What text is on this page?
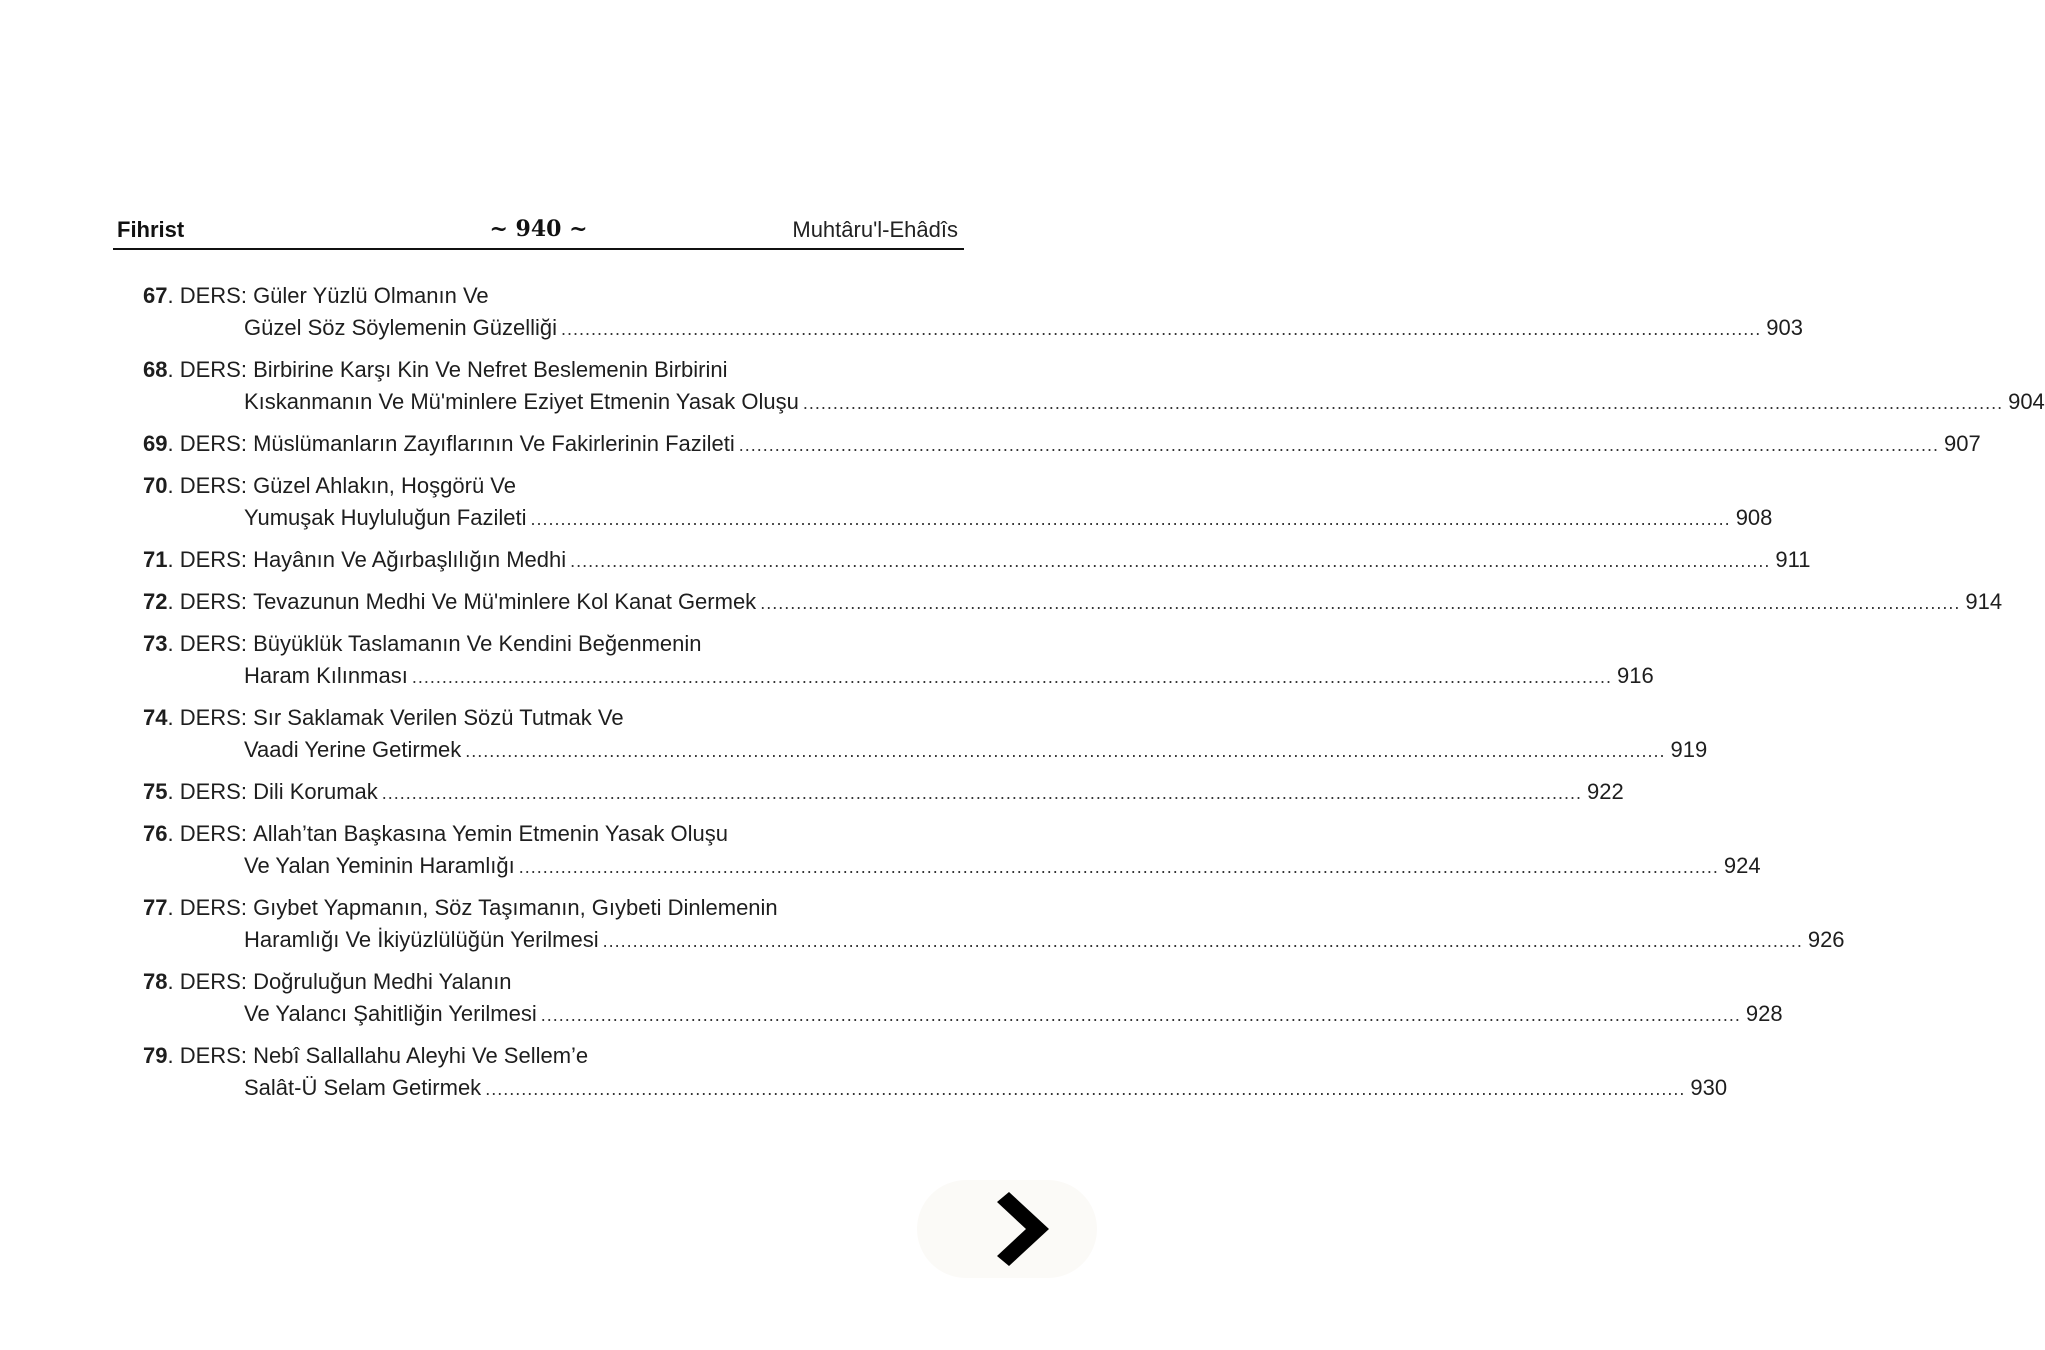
Fihrist	~ 940 ~	Muhtâru'l-Ehâdîs
67 . DERS: Güler Yüzlü Olmanın Ve
Güzel Söz Söylemenin Güzelliği ........................................................................................................................................................................................................ 903
68 . DERS: Birbirine Karşı Kin Ve Nefret Beslemenin Birbirini
Kıskanmanın Ve Mü'minlere Eziyet Etmenin Yasak Oluşu ........................................................................................................................................................................................................ 904
69 . DERS: Müslümanların Zayıflarının Ve Fakirlerinin Fazileti ........................................................................................................................................................................................................ 907
70 . DERS: Güzel Ahlakın, Hoşgörü Ve
Yumuşak Huyluluğun Fazileti ........................................................................................................................................................................................................ 908
71 . DERS: Hayânın Ve Ağırbaşlılığın Medhi ........................................................................................................................................................................................................ 911
72 . DERS: Tevazunun Medhi Ve Mü'minlere Kol Kanat Germek ........................................................................................................................................................................................................ 914
73 . DERS: Büyüklük Taslamanın Ve Kendini Beğenmenin
Haram Kılınması ........................................................................................................................................................................................................ 916
74 . DERS: Sır Saklamak Verilen Sözü Tutmak Ve
Vaadi Yerine Getirmek ........................................................................................................................................................................................................ 919
75 . DERS: Dili Korumak ........................................................................................................................................................................................................ 922
76 . DERS: Allah’tan Başkasına Yemin Etmenin Yasak Oluşu
Ve Yalan Yeminin Haramlığı ........................................................................................................................................................................................................ 924
77 . DERS: Gıybet Yapmanın, Söz Taşımanın, Gıybeti Dinlemenin
Haramlığı Ve İkiyüzlülüğün Yerilmesi ........................................................................................................................................................................................................ 926
78 . DERS: Doğruluğun Medhi Yalanın
Ve Yalancı Şahitliğin Yerilmesi ........................................................................................................................................................................................................ 928
79 . DERS: Nebî Sallallahu Aleyhi Ve Sellem’e
Salât-Ü Selam Getirmek ........................................................................................................................................................................................................ 930
